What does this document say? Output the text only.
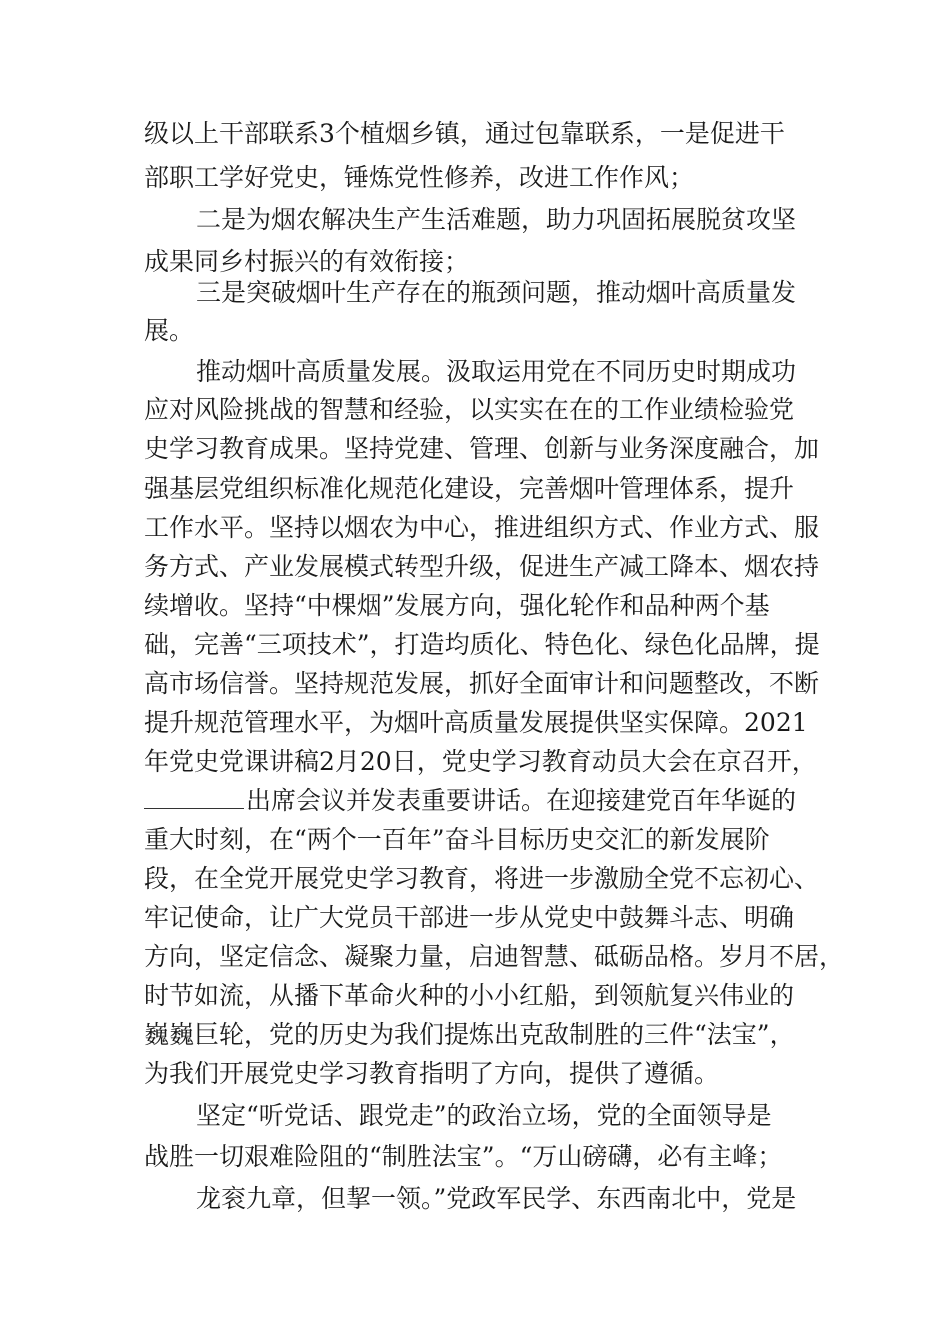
级以上干部联系3个植烟乡镇，通过包靠联系，一是促进干
部职工学好党史，锤炼党性修养，改进工作作风；
二是为烟农解决生产生活难题，助力巩固拓展脱贫攻坚
成果同乡村振兴的有效衔接；
三是突破烟叶生产存在的瓶颈问题，推动烟叶高质量发
展。
推动烟叶高质量发展。汲取运用党在不同历史时期成功
应对风险挑战的智慧和经验，以实实在在的工作业绩检验党
史学习教育成果。坚持党建、管理、创新与业务深度融合，加
强基层党组织标准化规范化建设，完善烟叶管理体系，提升
工作水平。坚持以烟农为中心，推进组织方式、作业方式、服
务方式、产业发展模式转型升级，促进生产减工降本、烟农持
续增收。坚持“中棵烟”发展方向，强化轮作和品种两个基
础，完善“三项技术”，打造均质化、特色化、绿色化品牌，提
高市场信誉。坚持规范发展，抓好全面审计和问题整改，不断
提升规范管理水平，为烟叶高质量发展提供坚实保障。2021
年党史党课讲稿2月20日，党史学习教育动员大会在京召开，
出席会议并发表重要讲话。在迎接建党百年华诞的
重大时刻，在“两个一百年”奋斗目标历史交汇的新发展阶
段，在全党开展党史学习教育，将进一步激励全党不忘初心、
牢记使命，让广大党员干部进一步从党史中鼓舞斗志、明确
方向，坚定信念、凝聚力量，启迪智慧、砥砺品格。岁月不居，
时节如流，从播下革命火种的小小红船，到领航复兴伟业的
巍巍巨轮，党的历史为我们提炼出克敌制胜的三件“法宝”，
为我们开展党史学习教育指明了方向，提供了遵循。
坚定“听党话、跟党走”的政治立场，党的全面领导是
战胜一切艰难险阻的“制胜法宝”。“万山磅礴，必有主峰；
龙衮九章，但挈一领。”党政军民学、东西南北中，党是
